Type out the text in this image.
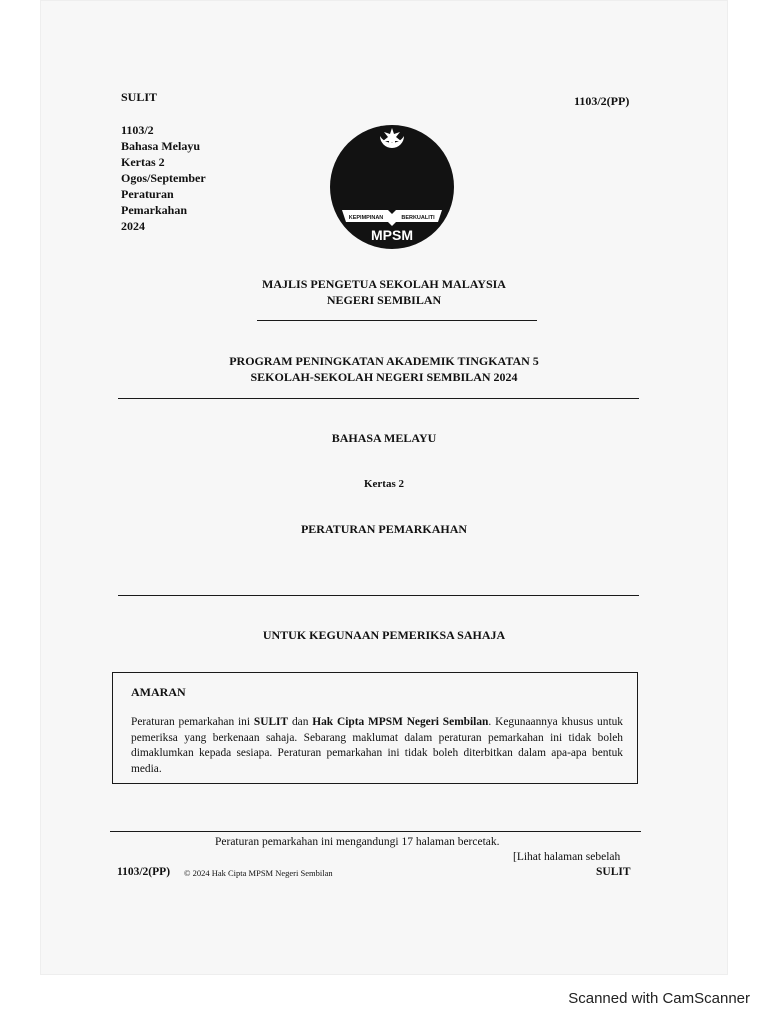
SULIT	1103/2(PP)
1103/2
Bahasa Melayu
Kertas 2
Ogos/September
Peraturan
Pemarkahan
2024
KEPIMPINAN	BERKUALITI
MPSM
MAJLIS PENGETUA SEKOLAH MALAYSIA
NEGERI SEMBILAN
PROGRAM PENINGKATAN AKADEMIK TINGKATAN 5
SEKOLAH-SEKOLAH NEGERI SEMBILAN 2024
BAHASA MELAYU
Kertas 2
PERATURAN PEMARKAHAN
UNTUK KEGUNAAN PEMERIKSA SAHAJA
AMARAN
Peraturan pemarkahan ini SULIT dan Hak Cipta MPSM Negeri Sembilan. Kegunaannya khusus untuk pemeriksa yang berkenaan sahaja. Sebarang maklumat dalam peraturan pemarkahan ini tidak boleh dimaklumkan kepada sesiapa. Peraturan pemarkahan ini tidak boleh diterbitkan dalam apa-apa bentuk media.
Peraturan pemarkahan ini mengandungi 17 halaman bercetak.
[Lihat halaman sebelah
1103/2(PP) © 2024 Hak Cipta MPSM Negeri Sembilan	SULIT
Scanned with CamScanner
